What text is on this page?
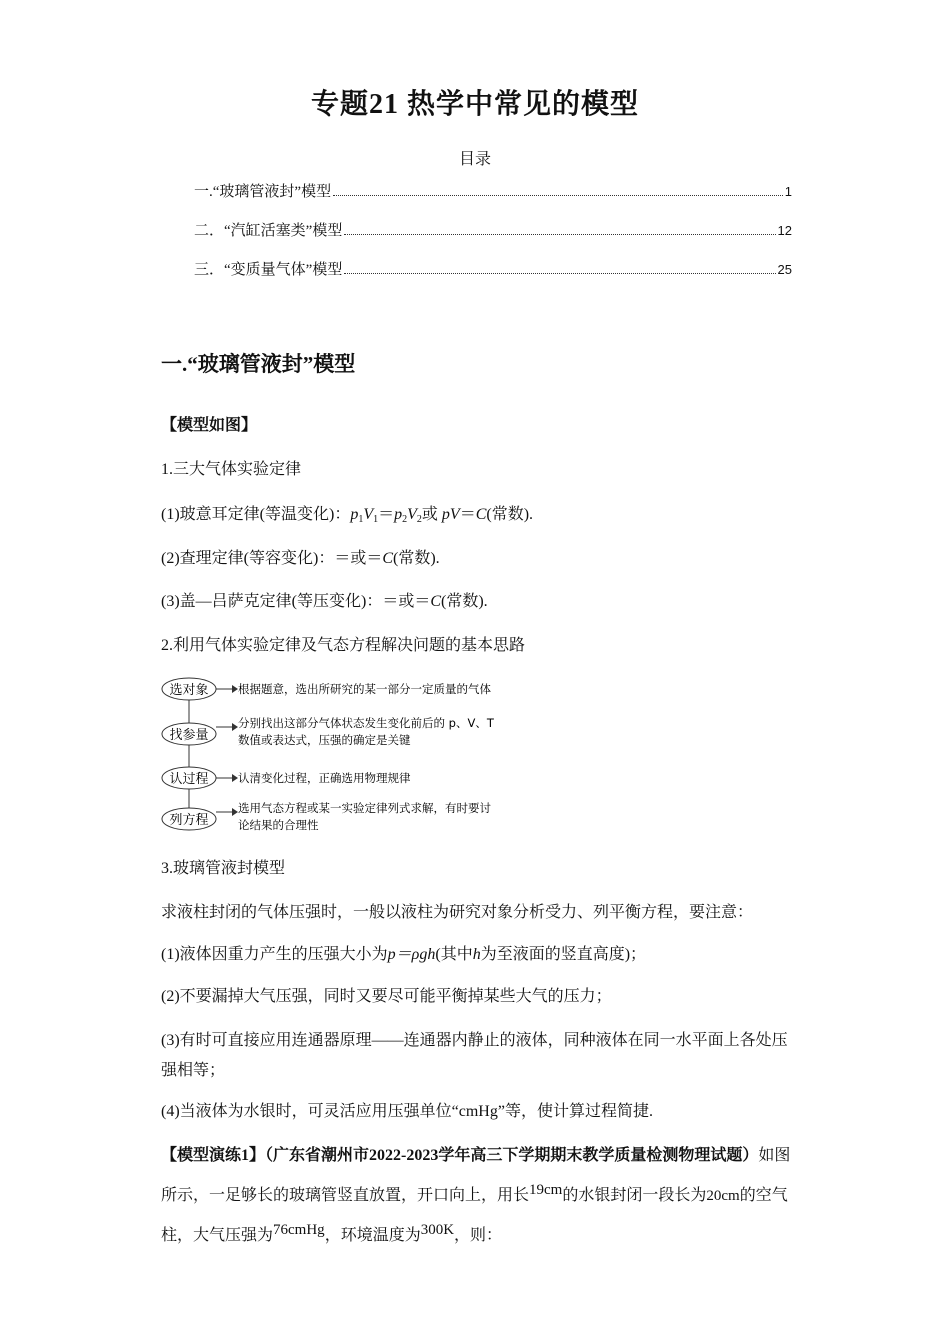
专题21 热学中常见的模型
目录
一.“玻璃管液封”模型	1
二．“汽缸活塞类”模型	12
三．“变质量气体”模型	25
一.“玻璃管液封”模型
【模型如图】
1.三大气体实验定律
(1)玻意耳定律(等温变化)：$p_1V_1=p_2V_2$或 pV＝C(常数).
(2)查理定律(等容变化)：＝或＝C(常数).
(3)盖—吕萨克定律(等压变化)：＝或＝C(常数).
2.利用气体实验定律及气态方程解决问题的基本思路
选对象	根据题意，选出所研究的某一部分一定质量的气体
找参量
分别找出这部分气体状态发生变化前后的 p、V、T
数值或表达式，压强的确定是关键
认过程	认清变化过程，正确选用物理规律
列方程
选用气态方程或某一实验定律列式求解，有时要讨
论结果的合理性
3.玻璃管液封模型
求液柱封闭的气体压强时，一般以液柱为研究对象分析受力、列平衡方程，要注意：
(1)液体因重力产生的压强大小为p＝ρgh(其中h为至液面的竖直高度)；
(2)不要漏掉大气压强，同时又要尽可能平衡掉某些大气的压力；
(3)有时可直接应用连通器原理——连通器内静止的液体，同种液体在同一水平面上各处压强相等；
(4)当液体为水银时，可灵活应用压强单位“cmHg”等，使计算过程简捷.
【模型演练1】（广东省潮州市2022-2023学年高三下学期期末教学质量检测物理试题）如图所示，一足够长的玻璃管竖直放置，开口向上，用长19cm的水银封闭一段长为20cm的空气柱，大气压强为76cmHg，环境温度为300K，则：
